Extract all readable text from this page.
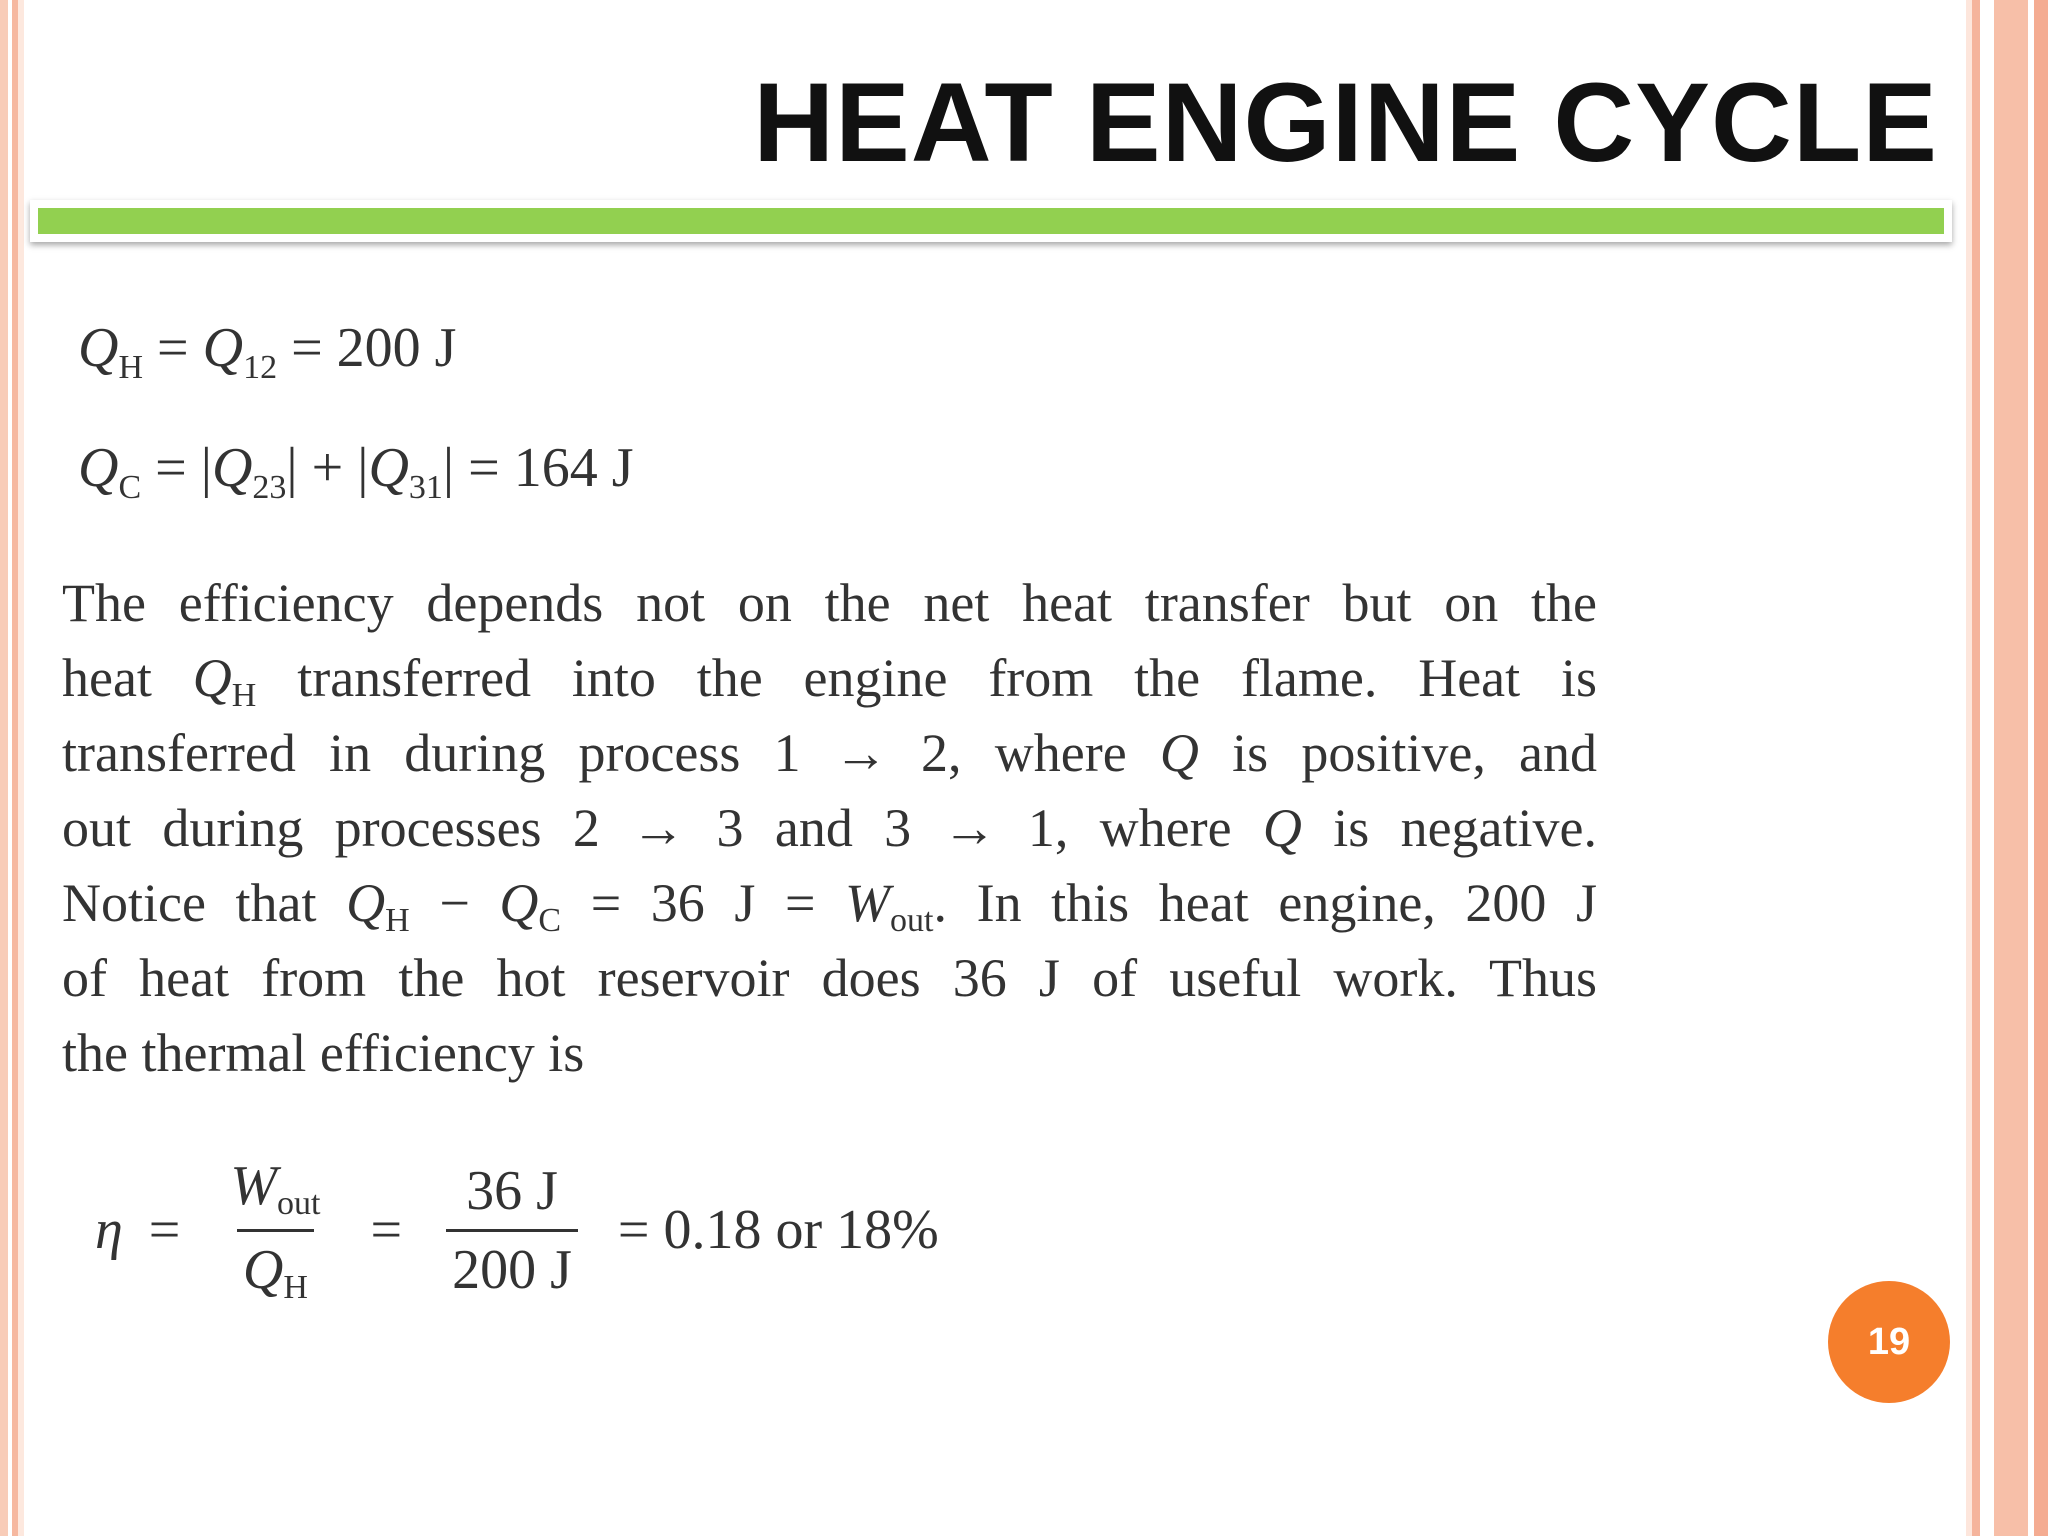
HEAT ENGINE CYCLE
$Q_H = Q_{12} = 200$ J
$Q_C = |Q_{23}| + |Q_{31}| = 164$ J
The efficiency depends not on the net heat transfer but on the
heat $Q_H$ transferred into the engine from the flame. Heat is
transferred in during process 1 → 2, where Q is positive, and
out during processes 2 → 3 and 3 → 1, where Q is negative.
Notice that $Q_H - Q_C = 36$ $J = W_{out}$. In this heat engine, 200 J
of heat from the hot reservoir does 36 J of useful work. Thus
the thermal efficiency is
$\eta = \frac{W_{out}}{Q_H} = \frac{36 J}{200 J} = 0.18$ or 18%
19
